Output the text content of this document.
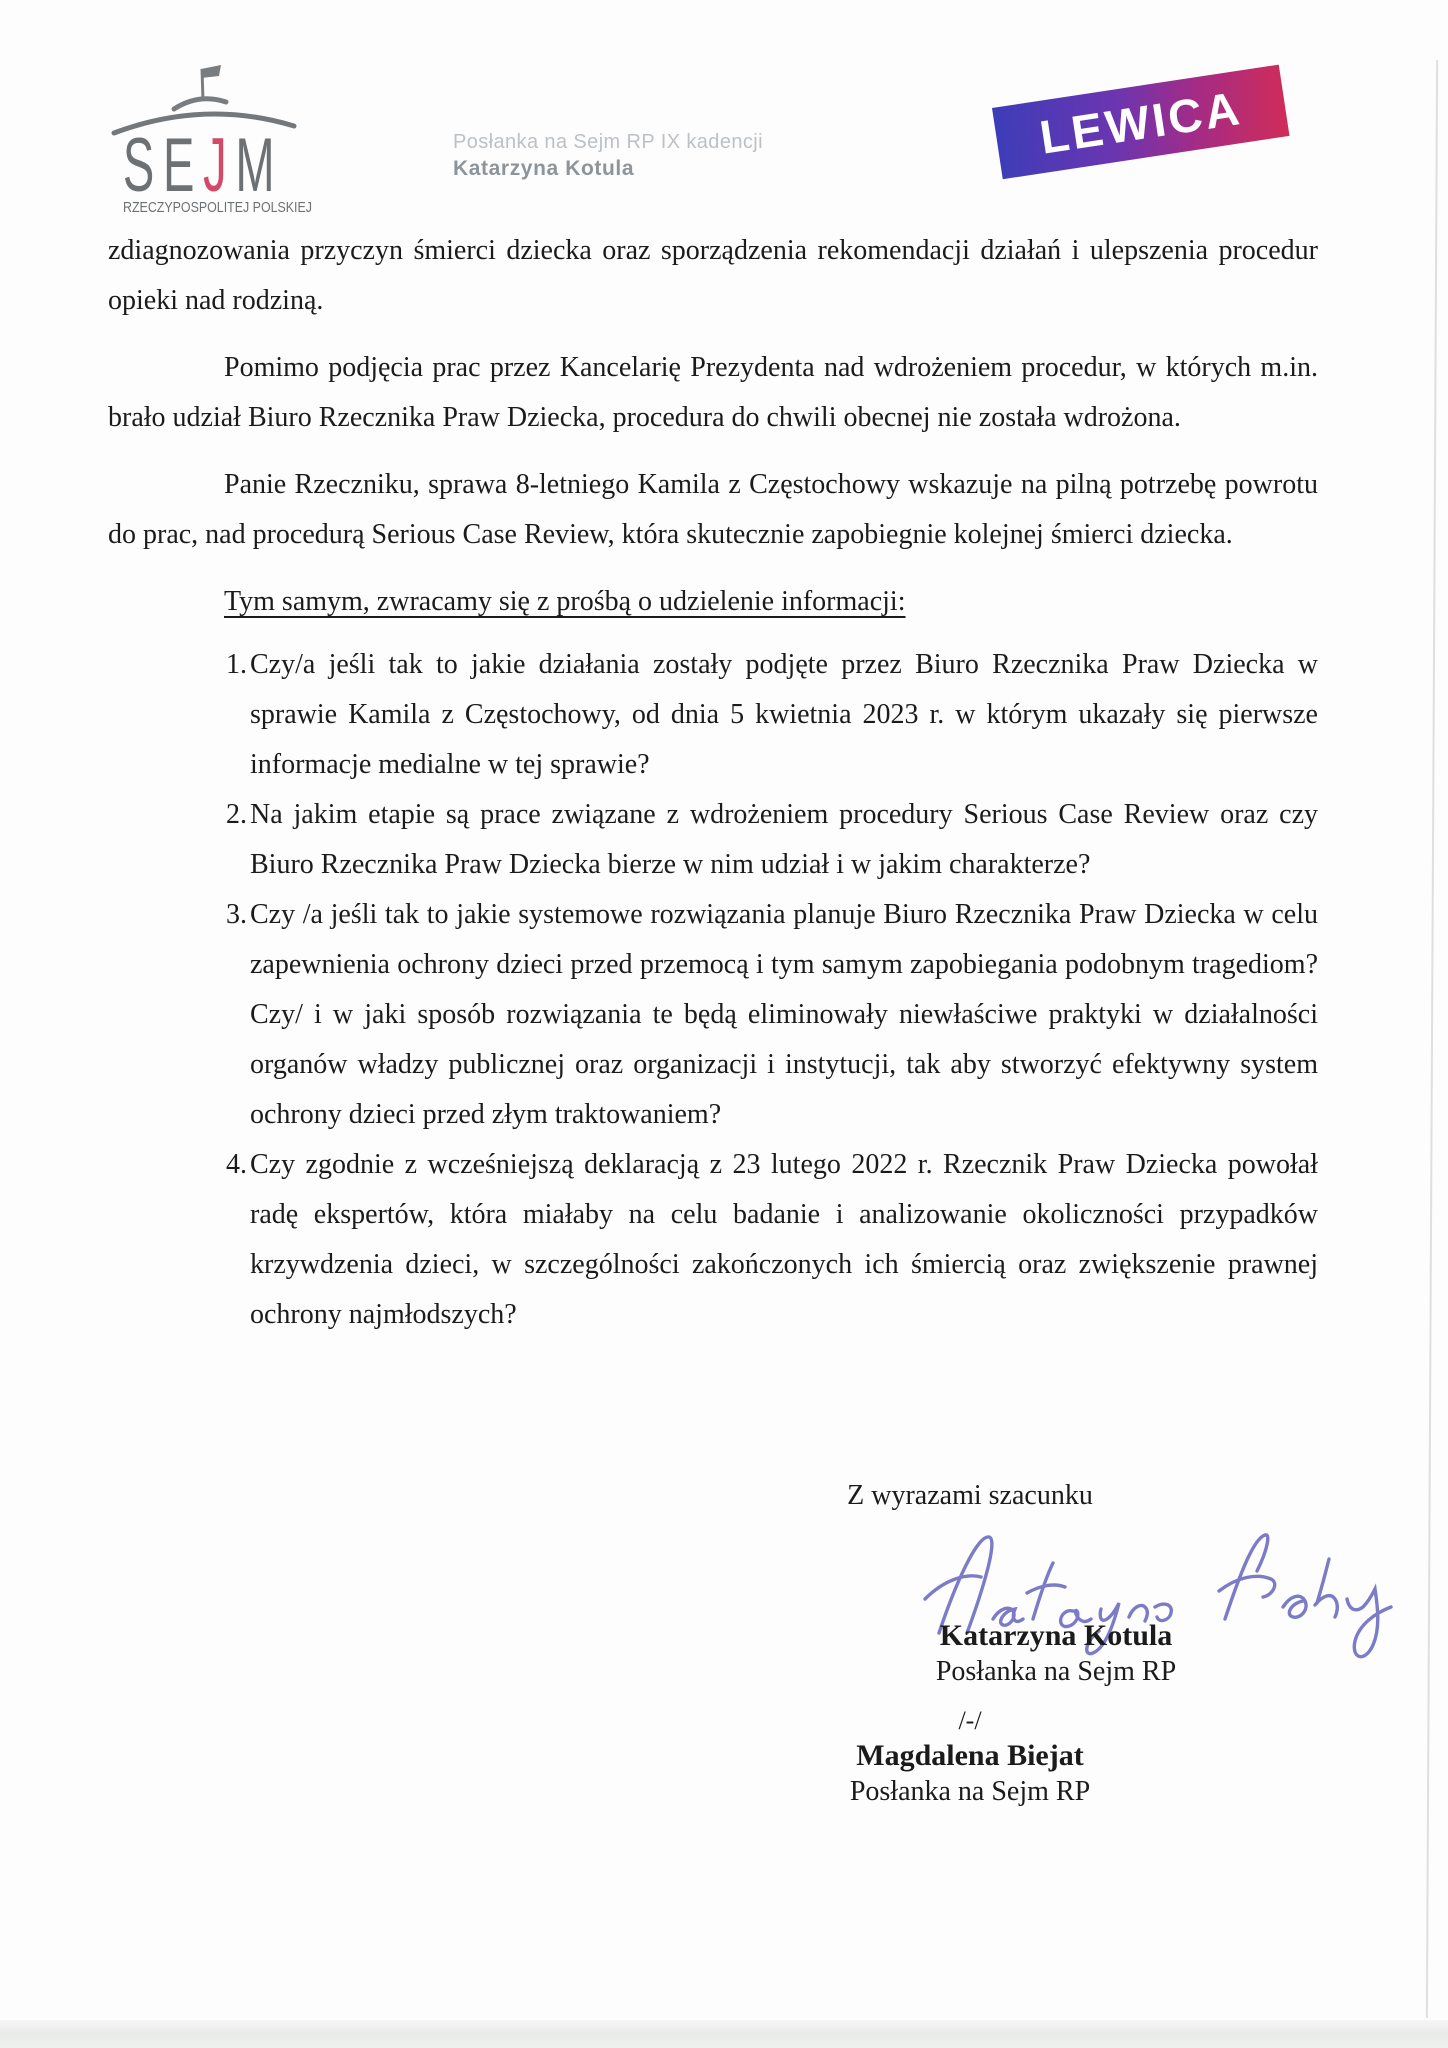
SEJM
RZECZYPOSPOLITEJ POLSKIEJ
Posłanka na Sejm RP IX kadencji
Katarzyna Kotula
LEWICA

zdiagnozowania przyczyn śmierci dziecka oraz sporządzenia rekomendacji działań i ulepszenia procedur opieki nad rodziną.

Pomimo podjęcia prac przez Kancelarię Prezydenta nad wdrożeniem procedur, w których m.in. brało udział Biuro Rzecznika Praw Dziecka, procedura do chwili obecnej nie została wdrożona.

Panie Rzeczniku, sprawa 8-letniego Kamila z Częstochowy wskazuje na pilną potrzebę powrotu do prac, nad procedurą Serious Case Review, która skutecznie zapobiegnie kolejnej śmierci dziecka.

Tym samym, zwracamy się z prośbą o udzielenie informacji:

1. Czy/a jeśli tak to jakie działania zostały podjęte przez Biuro Rzecznika Praw Dziecka w sprawie Kamila z Częstochowy, od dnia 5 kwietnia 2023 r. w którym ukazały się pierwsze informacje medialne w tej sprawie?
2. Na jakim etapie są prace związane z wdrożeniem procedury Serious Case Review oraz czy Biuro Rzecznika Praw Dziecka bierze w nim udział i w jakim charakterze?
3. Czy /a jeśli tak to jakie systemowe rozwiązania planuje Biuro Rzecznika Praw Dziecka w celu zapewnienia ochrony dzieci przed przemocą i tym samym zapobiegania podobnym tragediom? Czy/ i w jaki sposób rozwiązania te będą eliminowały niewłaściwe praktyki w działalności organów władzy publicznej oraz organizacji i instytucji, tak aby stworzyć efektywny system ochrony dzieci przed złym traktowaniem?
4. Czy zgodnie z wcześniejszą deklaracją z 23 lutego 2022 r. Rzecznik Praw Dziecka powołał radę ekspertów, która miałaby na celu badanie i analizowanie okoliczności przypadków krzywdzenia dzieci, w szczególności zakończonych ich śmiercią oraz zwiększenie prawnej ochrony najmłodszych?
Z wyrazami szacunku
Katarzyna Kotula
Posłanka na Sejm RP
/-/
Magdalena Biejat
Posłanka na Sejm RP
